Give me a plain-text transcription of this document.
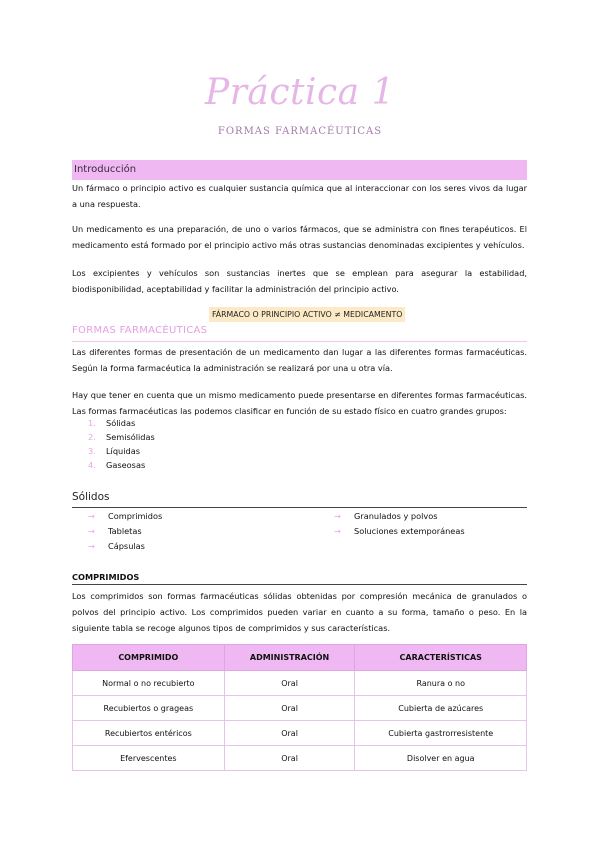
Práctica 1
FORMAS FARMACÉUTICAS
Introducción
Un fármaco o principio activo es cualquier sustancia química que al interaccionar con los seres vivos da lugar a una respuesta.
Un medicamento es una preparación, de uno o varios fármacos, que se administra con fines terapéuticos. El medicamento está formado por el principio activo más otras sustancias denominadas excipientes y vehículos.
Los excipientes y vehículos son sustancias inertes que se emplean para asegurar la estabilidad, biodisponibilidad, aceptabilidad y facilitar la administración del principio activo.
FÁRMACO O PRINCIPIO ACTIVO ≠ MEDICAMENTO
FORMAS FARMACÉUTICAS
Las diferentes formas de presentación de un medicamento dan lugar a las diferentes formas farmacéuticas. Según la forma farmacéutica la administración se realizará por una u otra vía.
Hay que tener en cuenta que un mismo medicamento puede presentarse en diferentes formas farmacéuticas. Las formas farmacéuticas las podemos clasificar en función de su estado físico en cuatro grandes grupos:
1. Sólidas
2. Semisólidas
3. Líquidas
4. Gaseosas
Sólidos
→ Comprimidos
→ Tabletas
→ Cápsulas
→ Granulados y polvos
→ Soluciones extemporáneas
COMPRIMIDOS
Los comprimidos son formas farmacéuticas sólidas obtenidas por compresión mecánica de granulados o polvos del principio activo. Los comprimidos pueden variar en cuanto a su forma, tamaño o peso. En la siguiente tabla se recoge algunos tipos de comprimidos y sus características.
COMPRIMIDO	ADMINISTRACIÓN	CARACTERÍSTICAS
Normal o no recubierto	Oral	Ranura o no
Recubiertos o grageas	Oral	Cubierta de azúcares
Recubiertos entéricos	Oral	Cubierta gastrorresistente
Efervescentes	Oral	Disolver en agua
